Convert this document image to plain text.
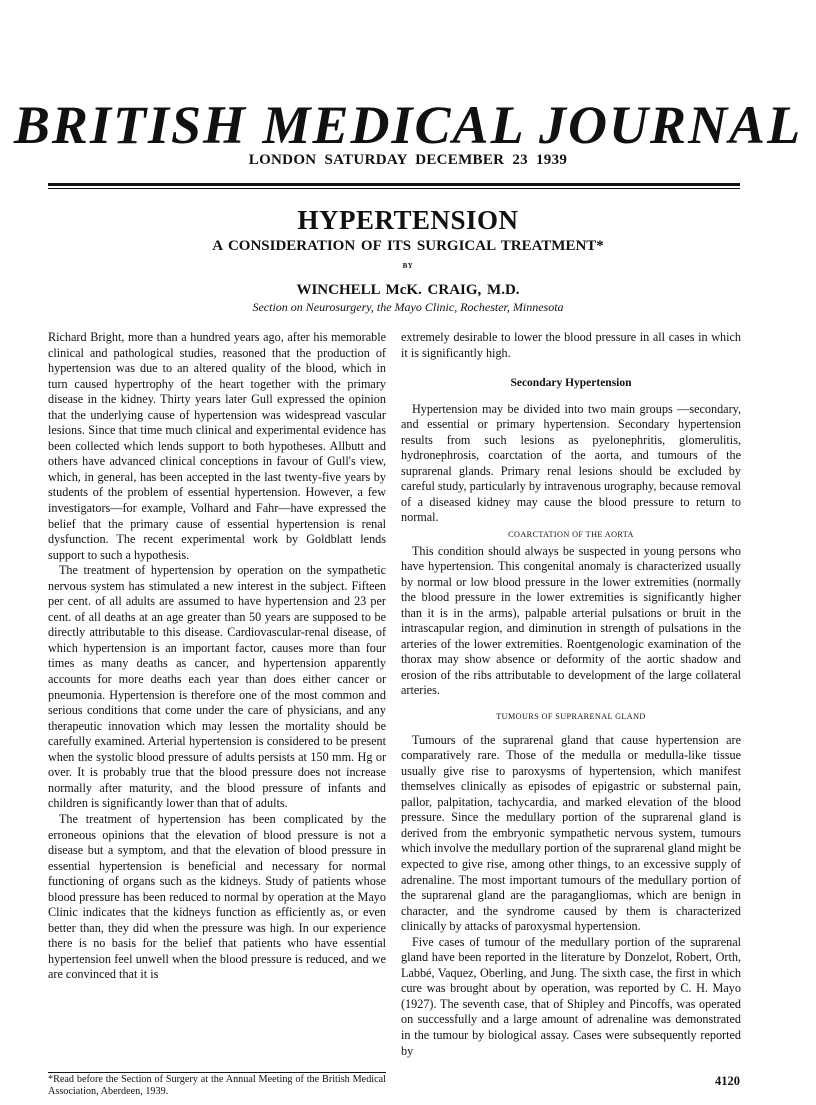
BRITISH MEDICAL JOURNAL
LONDON SATURDAY DECEMBER 23 1939
HYPERTENSION
A CONSIDERATION OF ITS SURGICAL TREATMENT*
BY
WINCHELL McK. CRAIG, M.D.
Section on Neurosurgery, the Mayo Clinic, Rochester, Minnesota

Richard Bright, more than a hundred years ago, after his memorable clinical and pathological studies, reasoned that the production of hypertension was due to an altered quality of the blood, which in turn caused hypertrophy of the heart together with the primary disease in the kidney. Thirty years later Gull expressed the opinion that the underlying cause of hypertension was widespread vascular lesions. Since that time much clinical and experimental evidence has been collected which lends support to both hypotheses. Allbutt and others have advanced clinical conceptions in favour of Gull's view, which, in general, has been accepted in the last twenty-five years by students of the problem of essential hypertension. However, a few investigators—for example, Volhard and Fahr—have expressed the belief that the primary cause of essential hypertension is renal dysfunction. The recent experimental work by Goldblatt lends support to such a hypothesis.

The treatment of hypertension by operation on the sympathetic nervous system has stimulated a new interest in the subject. Fifteen per cent. of all adults are assumed to have hypertension and 23 per cent. of all deaths at an age greater than 50 years are supposed to be directly attributable to this disease. Cardiovascular-renal disease, of which hypertension is an important factor, causes more than four times as many deaths as cancer, and hypertension apparently accounts for more deaths each year than does either cancer or pneumonia. Hypertension is therefore one of the most common and serious conditions that come under the care of physicians, and any therapeutic innovation which may lessen the mortality should be carefully examined. Arterial hypertension is considered to be present when the systolic blood pressure of adults persists at 150 mm. Hg or over. It is probably true that the blood pressure does not increase normally after maturity, and the blood pressure of infants and children is significantly lower than that of adults.

The treatment of hypertension has been complicated by the erroneous opinions that the elevation of blood pressure is not a disease but a symptom, and that the elevation of blood pressure in essential hypertension is beneficial and necessary for normal functioning of organs such as the kidneys. Study of patients whose blood pressure has been reduced to normal by operation at the Mayo Clinic indicates that the kidneys function as efficiently as, or even better than, they did when the pressure was high. In our experience there is no basis for the belief that patients who have essential hypertension feel unwell when the blood pressure is reduced, and we are convinced that it is

extremely desirable to lower the blood pressure in all cases in which it is significantly high.

Secondary Hypertension

Hypertension may be divided into two main groups —secondary, and essential or primary hypertension. Secondary hypertension results from such lesions as pyelonephritis, glomerulitis, hydronephrosis, coarctation of the aorta, and tumours of the suprarenal glands. Primary renal lesions should be excluded by careful study, particularly by intravenous urography, because removal of a diseased kidney may cause the blood pressure to return to normal.

COARCTATION OF THE AORTA

This condition should always be suspected in young persons who have hypertension. This congenital anomaly is characterized usually by normal or low blood pressure in the lower extremities (normally the blood pressure in the lower extremities is significantly higher than it is in the arms), palpable arterial pulsations or bruit in the intrascapular region, and diminution in strength of pulsations in the arteries of the lower extremities. Roentgenologic examination of the thorax may show absence or deformity of the aortic shadow and erosion of the ribs attributable to development of the large collateral arteries.

TUMOURS OF SUPRARENAL GLAND

Tumours of the suprarenal gland that cause hypertension are comparatively rare. Those of the medulla or medulla-like tissue usually give rise to paroxysms of hypertension, which manifest themselves clinically as episodes of epigastric or substernal pain, pallor, palpitation, tachycardia, and marked elevation of the blood pressure. Since the medullary portion of the suprarenal gland is derived from the embryonic sympathetic nervous system, tumours which involve the medullary portion of the suprarenal gland might be expected to give rise, among other things, to an excessive supply of adrenaline. The most important tumours of the medullary portion of the suprarenal gland are the paragangliomas, which are benign in character, and the syndrome caused by them is characterized clinically by attacks of paroxysmal hypertension.

Five cases of tumour of the medullary portion of the suprarenal gland have been reported in the literature by Donzelot, Robert, Orth, Labbé, Vaquez, Oberling, and Jung. The sixth case, the first in which cure was brought about by operation, was reported by C. H. Mayo (1927). The seventh case, that of Shipley and Pincoffs, was operated on successfully and a large amount of adrenaline was demonstrated in the tumour by biological assay. Cases were subsequently reported by

*Read before the Section of Surgery at the Annual Meeting of the British Medical Association, Aberdeen, 1939.
4120
